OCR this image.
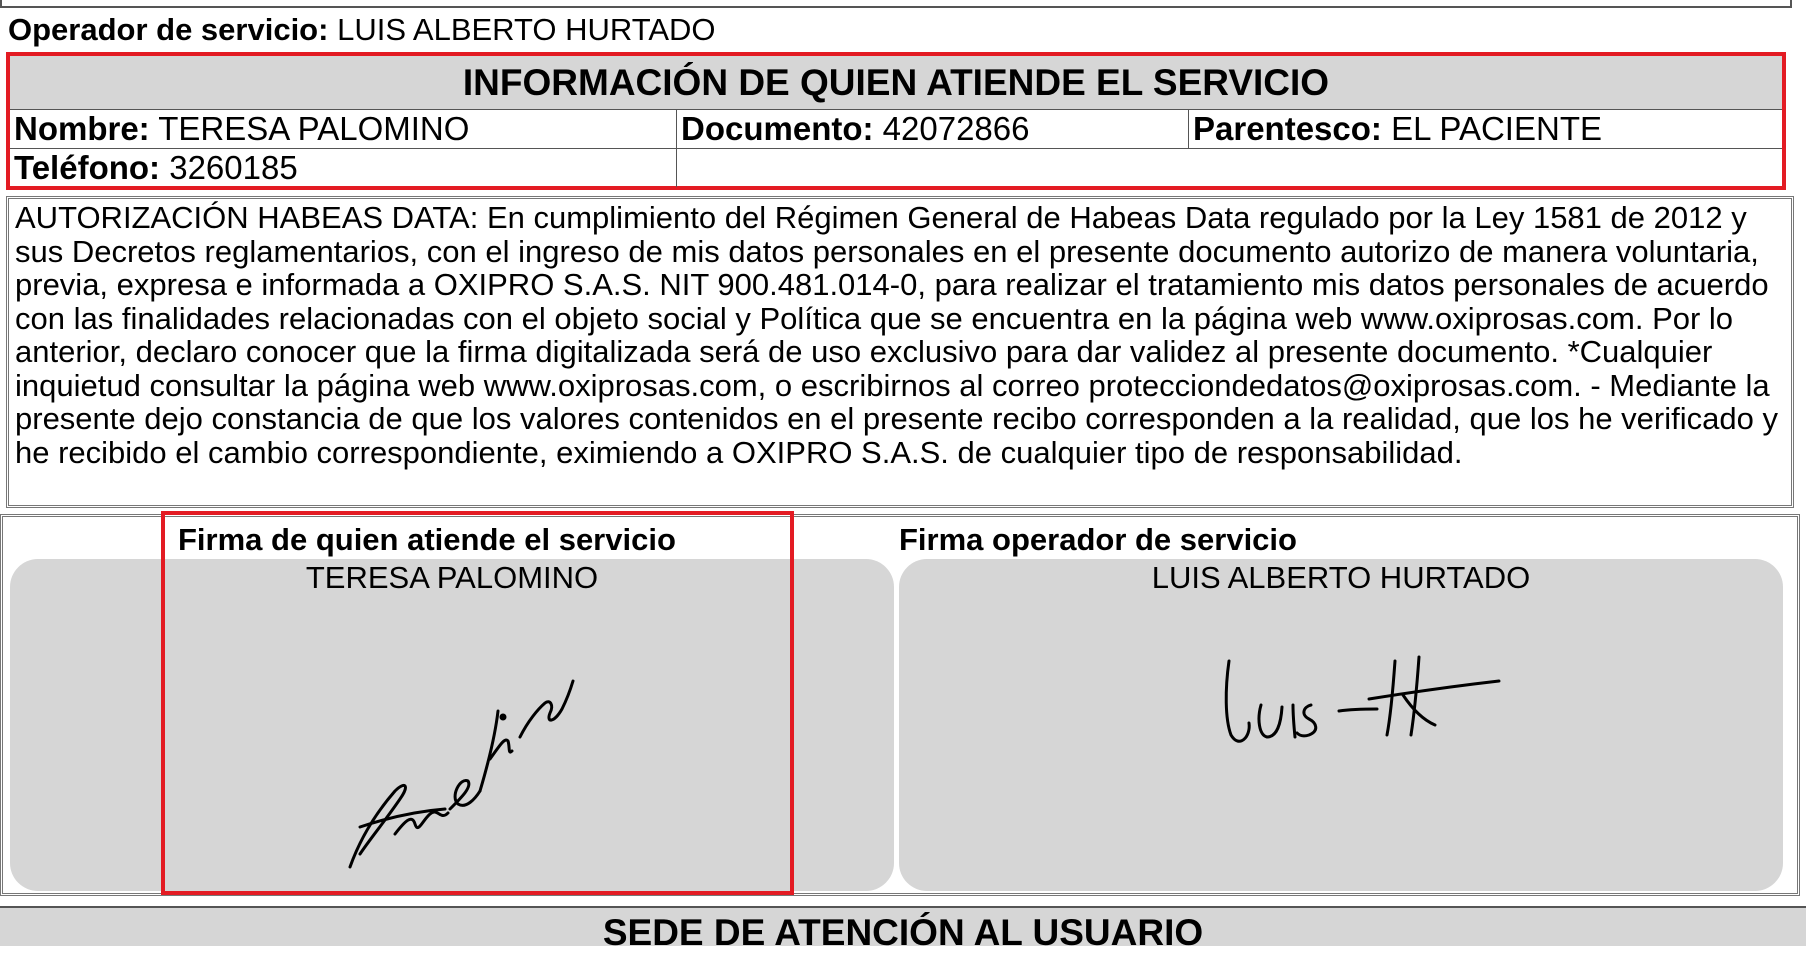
Operador de servicio: LUIS ALBERTO HURTADO
INFORMACIÓN DE QUIEN ATIENDE EL SERVICIO
Nombre: TERESA PALOMINO	Documento: 42072866	Parentesco: EL PACIENTE
Teléfono: 3260185
AUTORIZACIÓN HABEAS DATA: En cumplimiento del Régimen General de Habeas Data regulado por la Ley 1581 de 2012 y sus Decretos reglamentarios, con el ingreso de mis datos personales en el presente documento autorizo de manera voluntaria, previa, expresa e informada a OXIPRO S.A.S. NIT 900.481.014-0, para realizar el tratamiento mis datos personales de acuerdo con las finalidades relacionadas con el objeto social y Política que se encuentra en la página web www.oxiprosas.com. Por lo anterior, declaro conocer que la firma digitalizada será de uso exclusivo para dar validez al presente documento. *Cualquier inquietud consultar la página web www.oxiprosas.com, o escribirnos al correo protecciondedatos@oxiprosas.com. - Mediante la presente dejo constancia de que los valores contenidos en el presente recibo corresponden a la realidad, que los he verificado y he recibido el cambio correspondiente, eximiendo a OXIPRO S.A.S. de cualquier tipo de responsabilidad.
Firma de quien atiende el servicio	Firma operador de servicio
TERESA PALOMINO	LUIS ALBERTO HURTADO
SEDE DE ATENCIÓN AL USUARIO
